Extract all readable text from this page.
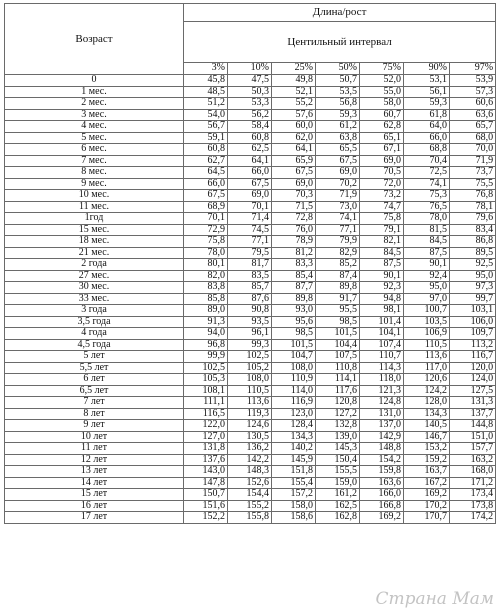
Возраст	Длина/рост						
	Центильный интервал						
	3%	10%	25%	50%	75%	90%	97%
0	45,8	47,5	49,8	50,7	52,0	53,1	53,9
1 мес.	48,5	50,3	52,1	53,5	55,0	56,1	57,3
2 мес.	51,2	53,3	55,2	56,8	58,0	59,3	60,6
3 мес.	54,0	56,2	57,6	59,3	60,7	61,8	63,6
4 мес.	56,7	58,4	60,0	61,2	62,8	64,0	65,7
5 мес.	59,1	60,8	62,0	63,8	65,1	66,0	68,0
6 мес.	60,8	62,5	64,1	65,5	67,1	68,8	70,0
7 мес.	62,7	64,1	65,9	67,5	69,0	70,4	71,9
8 мес.	64,5	66,0	67,5	69,0	70,5	72,5	73,7
9 мес.	66,0	67,5	69,0	70,2	72,0	74,1	75,5
10 мес.	67,5	69,0	70,3	71,9	73,2	75,3	76,8
11 мес.	68,9	70,1	71,5	73,0	74,7	76,5	78,1
1год	70,1	71,4	72,8	74,1	75,8	78,0	79,6
15 мес.	72,9	74,5	76,0	77,1	79,1	81,5	83,4
18 мес.	75,8	77,1	78,9	79,9	82,1	84,5	86,8
21 мес.	78,0	79,5	81,2	82,9	84,5	87,5	89,5
2 года	80,1	81,7	83,3	85,2	87,5	90,1	92,5
27 мес.	82,0	83,5	85,4	87,4	90,1	92,4	95,0
30 мес.	83,8	85,7	87,7	89,8	92,3	95,0	97,3
33 мес.	85,8	87,6	89,8	91,7	94,8	97,0	99,7
3 года	89,0	90,8	93,0	95,5	98,1	100,7	103,1
3,5 года	91,3	93,5	95,6	98,5	101,4	103,5	106,0
4 года	94,0	96,1	98,5	101,5	104,1	106,9	109,7
4,5 года	96,8	99,3	101,5	104,4	107,4	110,5	113,2
5 лет	99,9	102,5	104,7	107,5	110,7	113,6	116,7
5,5 лет	102,5	105,2	108,0	110,8	114,3	117,0	120,0
6 лет	105,3	108,0	110,9	114,1	118,0	120,6	124,0
6,5 лет	108,1	110,5	114,0	117,6	121,3	124,2	127,5
7 лет	111,1	113,6	116,9	120,8	124,8	128,0	131,3
8 лет	116,5	119,3	123,0	127,2	131,0	134,3	137,7
9 лет	122,0	124,6	128,4	132,8	137,0	140,5	144,8
10 лет	127,0	130,5	134,3	139,0	142,9	146,7	151,0
11 лет	131,8	136,2	140,2	145,3	148,8	153,2	157,7
12 лет	137,6	142,2	145,9	150,4	154,2	159,2	163,2
13 лет	143,0	148,3	151,8	155,5	159,8	163,7	168,0
14 лет	147,8	152,6	155,4	159,0	163,6	167,2	171,2
15 лет	150,7	154,4	157,2	161,2	166,0	169,2	173,4
16 лет	151,6	155,2	158,0	162,5	166,8	170,2	173,8
17 лет	152,2	155,8	158,6	162,8	169,2	170,7	174,2
Страна Мам
